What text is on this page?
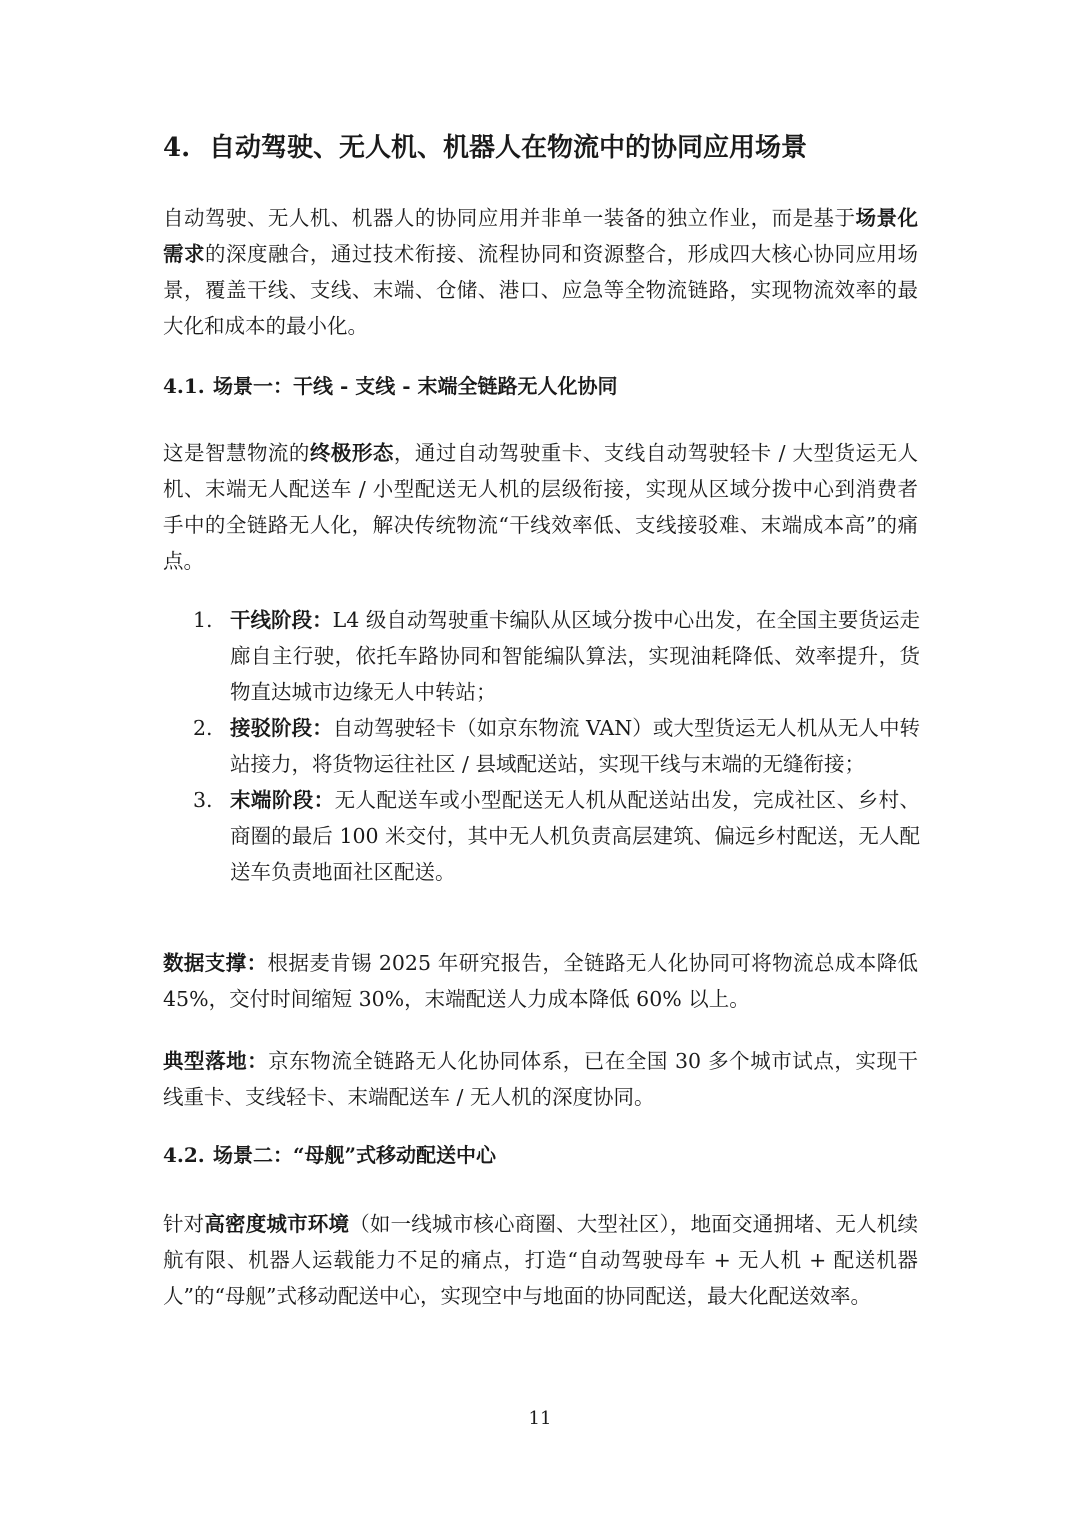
4. 自动驾驶、无人机、机器人在物流中的协同应用场景

自动驾驶、无人机、机器人的协同应用并非单一装备的独立作业，而是基于场景化需求的深度融合，通过技术衔接、流程协同和资源整合，形成四大核心协同应用场景，覆盖干线、支线、末端、仓储、港口、应急等全物流链路，实现物流效率的最大化和成本的最小化。

4.1. 场景一：干线 - 支线 - 末端全链路无人化协同

这是智慧物流的终极形态，通过自动驾驶重卡、支线自动驾驶轻卡 / 大型货运无人机、末端无人配送车 / 小型配送无人机的层级衔接，实现从区域分拨中心到消费者手中的全链路无人化，解决传统物流“干线效率低、支线接驳难、末端成本高”的痛点。

1. 干线阶段：L4 级自动驾驶重卡编队从区域分拨中心出发，在全国主要货运走廊自主行驶，依托车路协同和智能编队算法，实现油耗降低、效率提升，货物直达城市边缘无人中转站；
2. 接驳阶段：自动驾驶轻卡（如京东物流 VAN）或大型货运无人机从无人中转站接力，将货物运往社区 / 县域配送站，实现干线与末端的无缝衔接；
3. 末端阶段：无人配送车或小型配送无人机从配送站出发，完成社区、乡村、商圈的最后 100 米交付，其中无人机负责高层建筑、偏远乡村配送，无人配送车负责地面社区配送。

数据支撑：根据麦肯锡 2025 年研究报告，全链路无人化协同可将物流总成本降低 45%，交付时间缩短 30%，末端配送人力成本降低 60% 以上。

典型落地：京东物流全链路无人化协同体系，已在全国 30 多个城市试点，实现干线重卡、支线轻卡、末端配送车 / 无人机的深度协同。

4.2. 场景二：“母舰”式移动配送中心

针对高密度城市环境（如一线城市核心商圈、大型社区），地面交通拥堵、无人机续航有限、机器人运载能力不足的痛点，打造“自动驾驶母车 + 无人机 + 配送机器人”的“母舰”式移动配送中心，实现空中与地面的协同配送，最大化配送效率。

11
